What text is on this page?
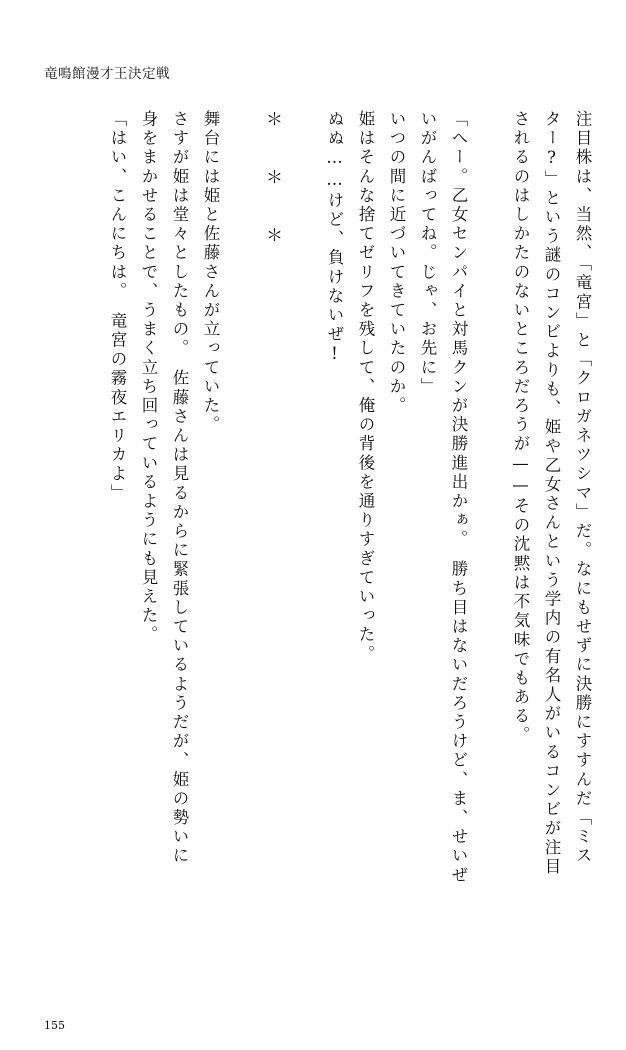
竜鳴館漫才王決定戦
注目株は、当然、「竜宮」と「クロガネツシマ」だ。なにもせずに決勝にすすんだ「ミス
ター?」という謎のコンビよりも、姫や乙女さんという学内の有名人がいるコンビが注目
されるのはしかたのないところだろうが——その沈黙は不気味でもある。
「へー。乙女センパイと対馬クンが決勝進出かぁ。　勝ち目はないだろうけど、ま、せいぜ
いがんばってね。じゃ、お先に」
いつの間に近づいてきていたのか。
姫はそんな捨てゼリフを残して、俺の背後を通りすぎていった。
ぬぬ……けど、負けないぜ!
＊　＊　＊
舞台には姫と佐藤さんが立っていた。
さすが姫は堂々としたもの。　佐藤さんは見るからに緊張しているようだが、姫の勢いに
身をまかせることで、うまく立ち回っているようにも見えた。
「はい、こんにちは。　竜宮の霧夜エリカよ」
155
